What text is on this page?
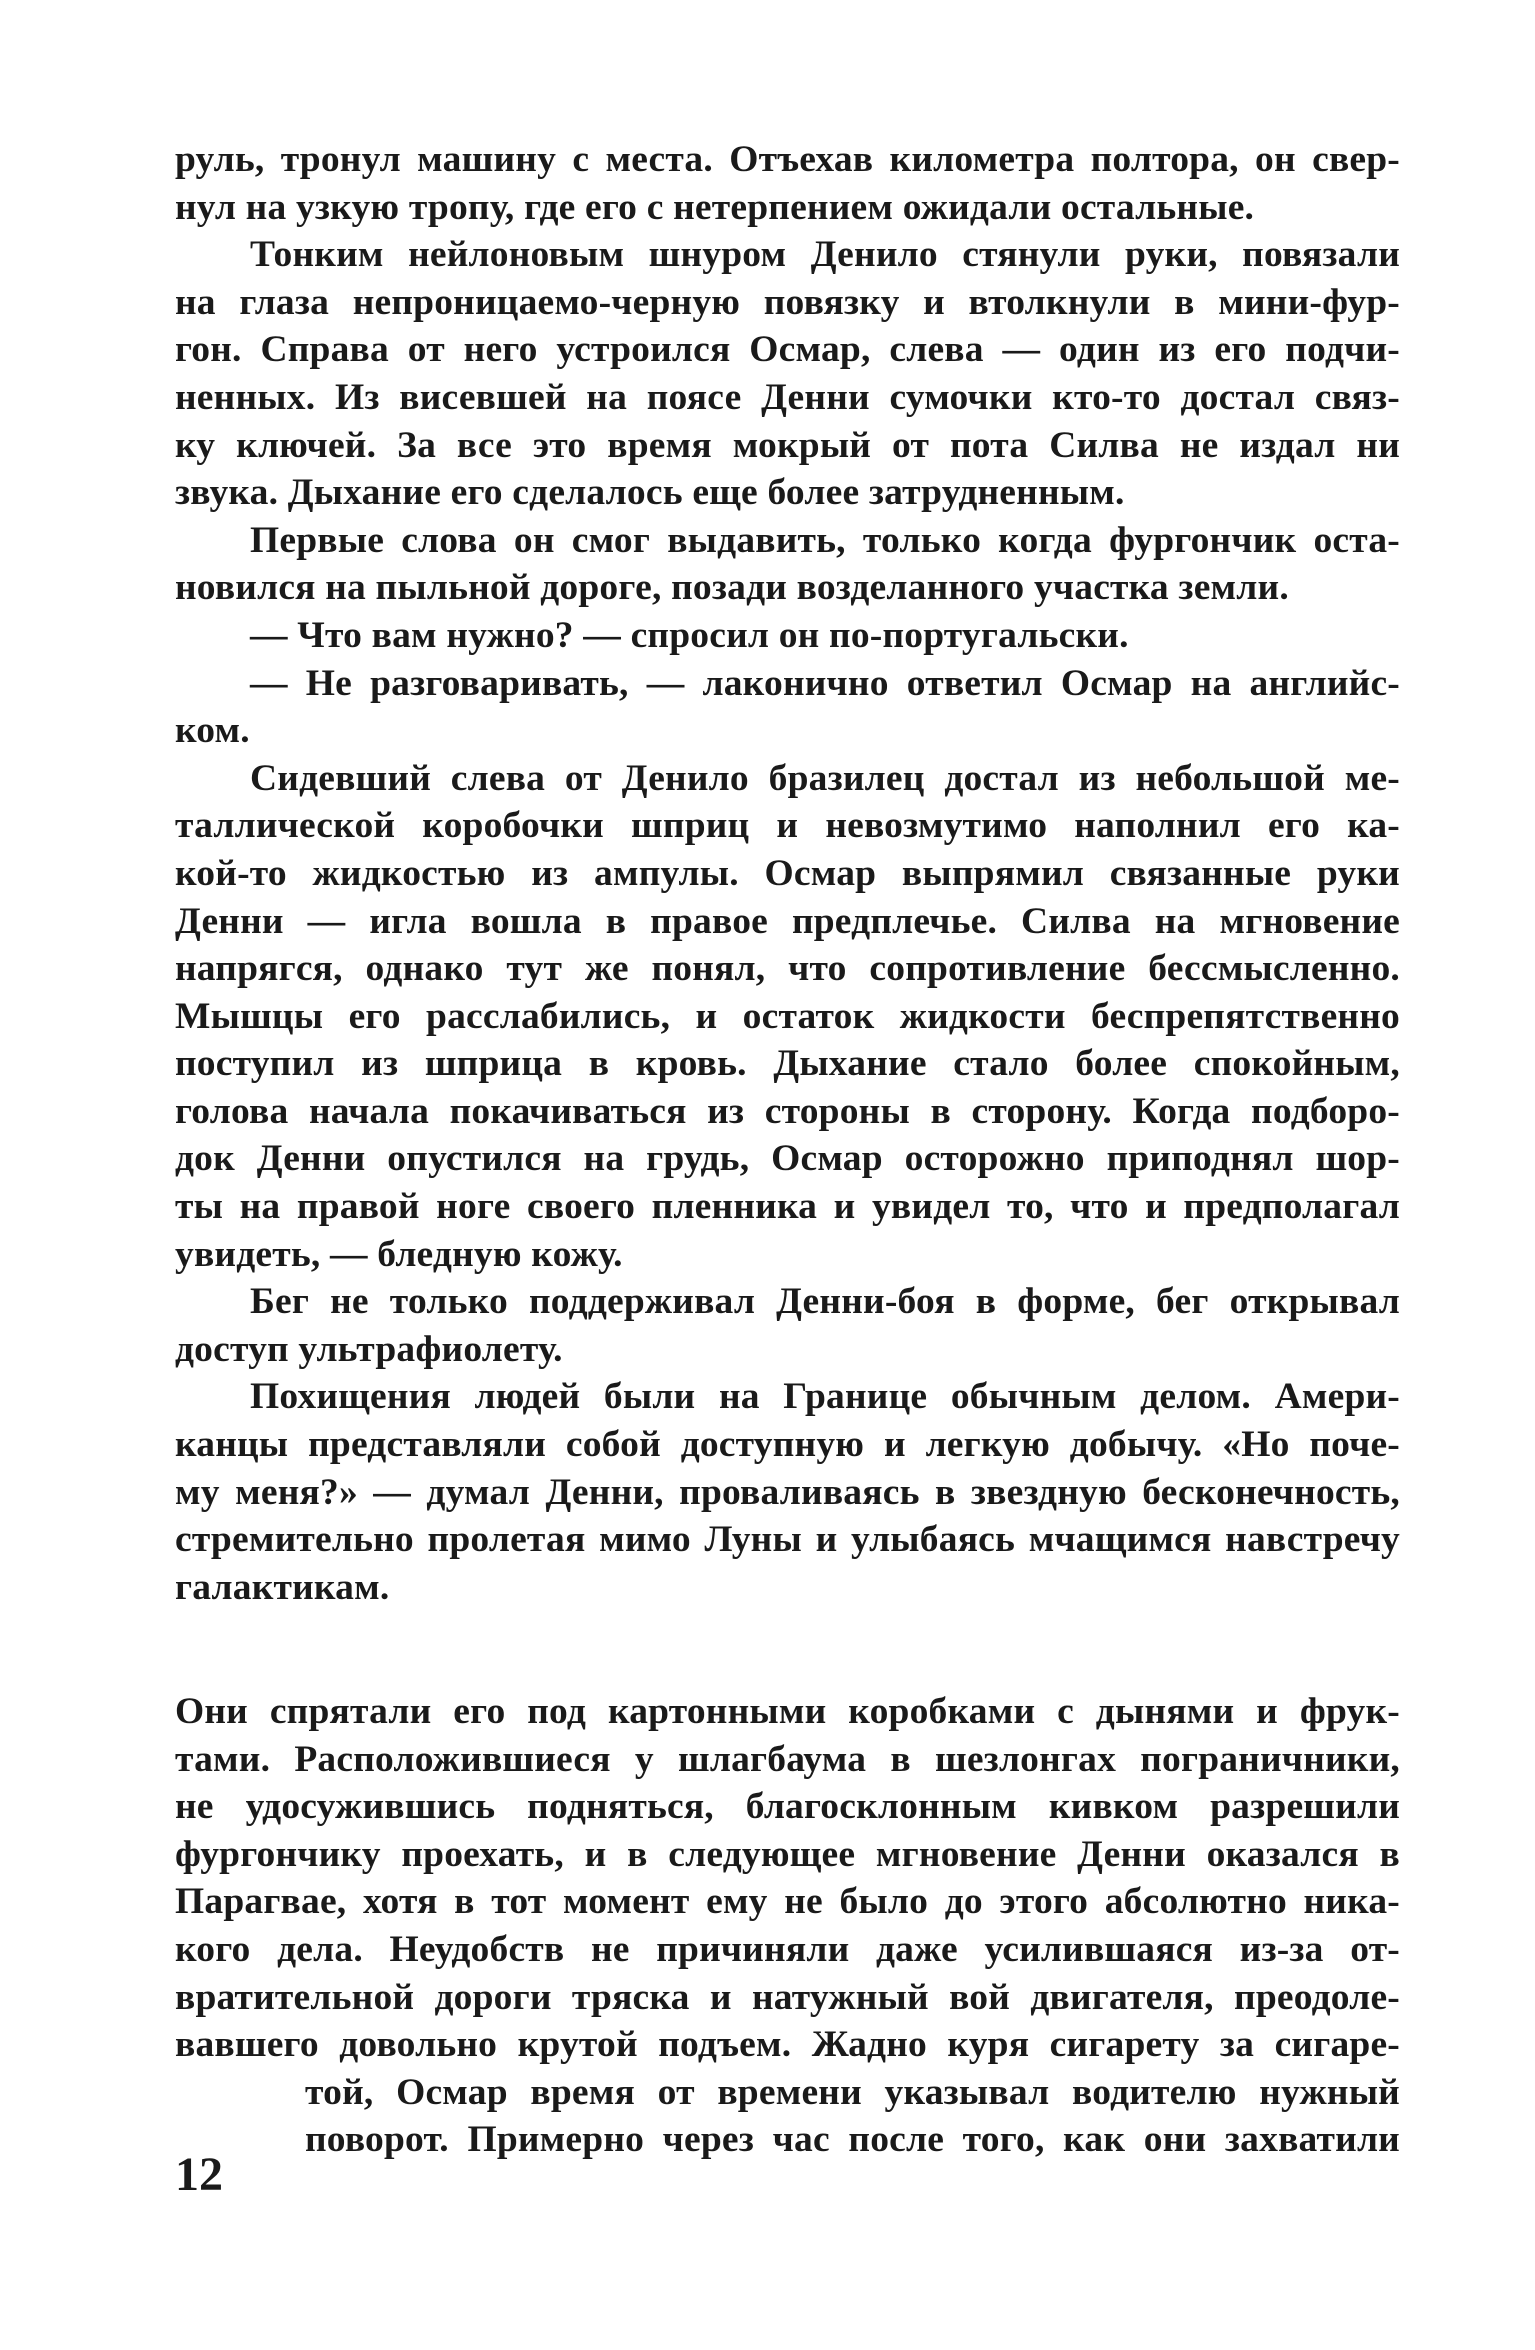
руль, тронул машину с места. Отъехав километра полтора, он свер-
нул на узкую тропу, где его с нетерпением ожидали остальные.
Тонким нейлоновым шнуром Денило стянули руки, повязали
на глаза непроницаемо-черную повязку и втолкнули в мини-фур-
гон. Справа от него устроился Осмар, слева — один из его подчи-
ненных. Из висевшей на поясе Денни сумочки кто-то достал связ-
ку ключей. За все это время мокрый от пота Силва не издал ни
звука. Дыхание его сделалось еще более затрудненным.
Первые слова он смог выдавить, только когда фургончик оста-
новился на пыльной дороге, позади возделанного участка земли.
— Что вам нужно? — спросил он по-португальски.
— Не разговаривать, — лаконично ответил Осмар на английс-
ком.
Сидевший слева от Денило бразилец достал из небольшой ме-
таллической коробочки шприц и невозмутимо наполнил его ка-
кой-то жидкостью из ампулы. Осмар выпрямил связанные руки
Денни — игла вошла в правое предплечье. Силва на мгновение
напрягся, однако тут же понял, что сопротивление бессмысленно.
Мышцы его расслабились, и остаток жидкости беспрепятственно
поступил из шприца в кровь. Дыхание стало более спокойным,
голова начала покачиваться из стороны в сторону. Когда подборо-
док Денни опустился на грудь, Осмар осторожно приподнял шор-
ты на правой ноге своего пленника и увидел то, что и предполагал
увидеть, — бледную кожу.
Бег не только поддерживал Денни-боя в форме, бег открывал
доступ ультрафиолету.
Похищения людей были на Границе обычным делом. Амери-
канцы представляли собой доступную и легкую добычу. «Но поче-
му меня?» — думал Денни, проваливаясь в звездную бесконечность,
стремительно пролетая мимо Луны и улыбаясь мчащимся навстречу
галактикам.
Они спрятали его под картонными коробками с дынями и фрук-
тами. Расположившиеся у шлагбаума в шезлонгах пограничники,
не удосужившись подняться, благосклонным кивком разрешили
фургончику проехать, и в следующее мгновение Денни оказался в
Парагвае, хотя в тот момент ему не было до этого абсолютно ника-
кого дела. Неудобств не причиняли даже усилившаяся из-за от-
вратительной дороги тряска и натужный вой двигателя, преодоле-
вавшего довольно крутой подъем. Жадно куря сигарету за сигаре-
той, Осмар время от времени указывал водителю нужный
поворот. Примерно через час после того, как они захватили
12
